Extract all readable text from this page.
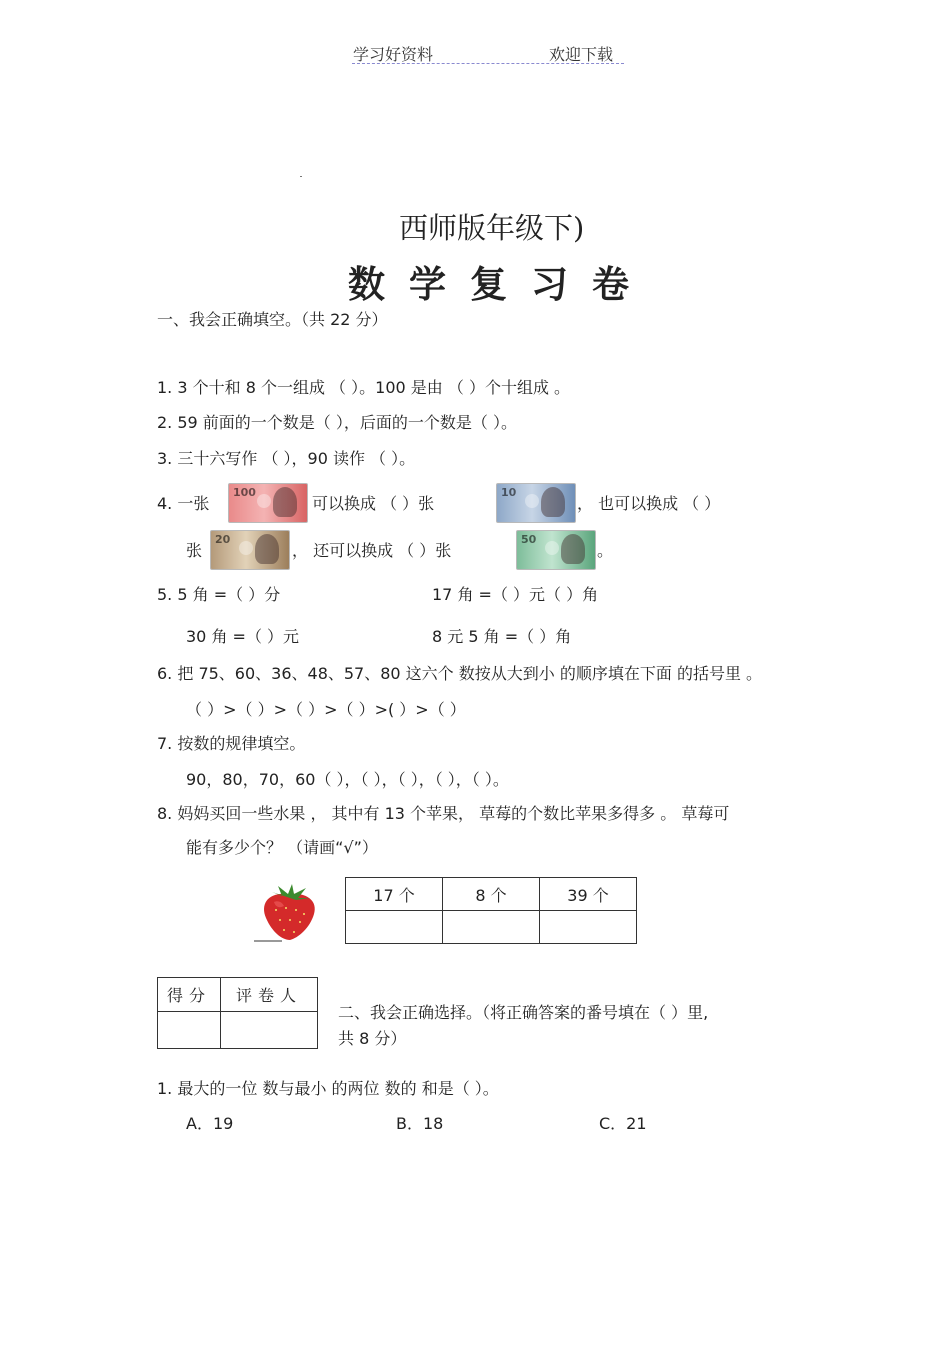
学习好资料	欢迎下载
西师版年级下)
数学复习卷
一、我会正确填空。（共 22 分）
1. 3 个十和 8 个一组成 （ ）。100 是由 （ ）个十组成 。
2. 59 前面的一个数是（ ），后面的一个数是（ ）。
3. 三十六写作 （ ），90 读作 （ ）。
4. 一张
100
可以换成 （ ）张
10
， 也可以换成 （ ）
张
20
， 还可以换成 （ ）张
50
。
5. 5 角 =（ ）分	17 角 =（ ）元（ ）角
30 角 =（ ）元	8 元 5 角 =（ ）角
6. 把 75、60、36、48、57、80 这六个 数按从大到小 的顺序填在下面 的括号里 。
（ ）>（ ）>（ ）>（ ）>( ）>（ ）
7. 按数的规律填空。
90，80，70，60（ ），（ ），（ ），（ ），（ ）。
8. 妈妈买回一些水果 ， 其中有 13 个苹果， 草莓的个数比苹果多得多 。 草莓可
能有多少个？ （请画“√”）
17 个	8 个	39 个

得分	评卷人

二、我会正确选择。（将正确答案的番号填在（ ）里,
共 8 分）
1. 最大的一位 数与最小 的两位 数的 和是（ ）。
A．19	B．18	C．21
